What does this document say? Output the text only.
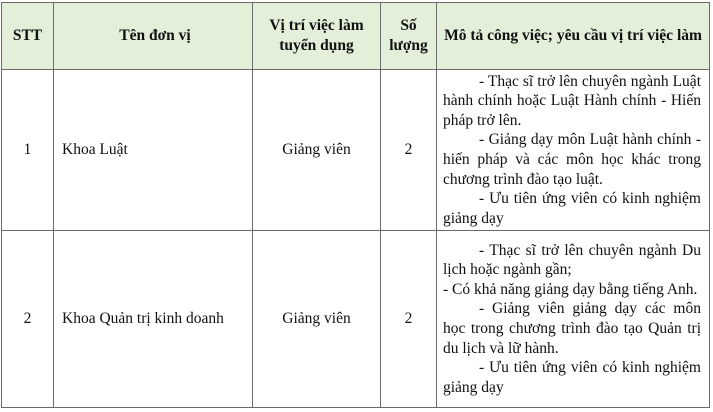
STT	Tên đơn vị	Vị trí việc làm tuyển dụng	Số lượng	Mô tả công việc; yêu cầu vị trí việc làm
1	Khoa Luật	Giảng viên	2	- Thạc sĩ trở lên chuyên ngành Luật hành chính hoặc Luật Hành chính - Hiến pháp trở lên.

- Giảng dạy môn Luật hành chính - hiến pháp và các môn học khác trong chương trình đào tạo luật.

- Ưu tiên ứng viên có kinh nghiệm giảng dạy

2	Khoa Quản trị kinh doanh	Giảng viên	2	- Thạc sĩ trở lên chuyên ngành Du lịch hoặc ngành gần;

- Có khả năng giảng dạy bằng tiếng Anh.

- Giảng viên giảng dạy các môn học trong chương trình đào tạo Quản trị du lịch và lữ hành.

- Ưu tiên ứng viên có kinh nghiệm giảng dạy
